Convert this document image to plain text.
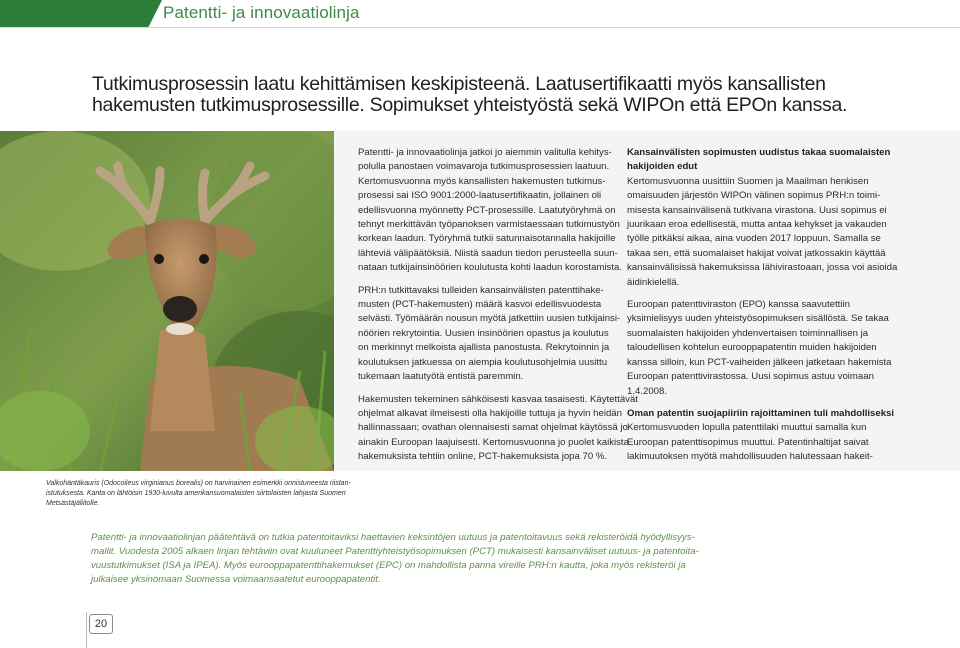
Patentti- ja innovaatiolinja
Tutkimusprosessin laatu kehittämisen keskipisteenä. Laatusertifikaatti myös kansallisten
hakemusten tutkimusprosessille. Sopimukset yhteistyöstä sekä WIPOn että EPOn kanssa.

Patentti- ja innovaatiolinja jatkoi jo aiemmin valitulla kehitys-
polulla panostaen voimavaroja tutkimusprosessien laatuun.
Kertomusvuonna myös kansallisten hakemusten tutkimus-
prosessi sai ISO 9001:2000-laatusertifikaatin, jollainen oli
edellisvuonna myönnetty PCT-prosessille. Laatutyöryhmä on
tehnyt merkittävän työpanoksen varmistaessaan tutkimustyön
korkean laadun. Työryhmä tutkii satunnaisotannalla hakijoille
lähteviä välipäätöksiä. Niistä saadun tiedon perusteella suun-
nataan tutkijainsinöörien koulutusta kohti laadun korostamista.

PRH:n tutkittavaksi tulleiden kansainvälisten patenttihake-
musten (PCT-hakemusten) määrä kasvoi edellisvuodesta
selvästi. Työmäärän nousun myötä jatkettiin uusien tutkijainsi-
nöörien rekrytointia. Uusien insinöörien opastus ja koulutus
on merkinnyt melkoista ajallista panostusta. Rekrytoinnin ja
koulutuksen jatkuessa on aiempia koulutusohjelmia uusittu
tukemaan laatutyötä entistä paremmin.

Hakemusten tekeminen sähköisesti kasvaa tasaisesti. Käytettävät
ohjelmat alkavat ilmeisesti olla hakijoille tuttuja ja hyvin heidän
hallinnassaan; ovathan olennaisesti samat ohjelmat käytössä jo
ainakin Euroopan laajuisesti. Kertomusvuonna jo puolet kaikista
hakemuksista tehtiin online, PCT-hakemuksista jopa 70 %.

Kansainvälisten sopimusten uudistus takaa suomalaisten
hakijoiden edut
Kertomusvuonna uusittiin Suomen ja Maailman henkisen
omaisuuden järjestön WIPOn välinen sopimus PRH:n toimi-
misesta kansainvälisenä tutkivana virastona. Uusi sopimus ei
juurikaan eroa edellisestä, mutta antaa kehykset ja vakauden
työlle pitkäksi aikaa, aina vuoden 2017 loppuun. Samalla se
takaa sen, että suomalaiset hakijat voivat jatkossakin käyttää
kansainvälisissä hakemuksissa lähivirastoaan, jossa voi asioida
äidinkielellä.

Euroopan patenttiviraston (EPO) kanssa saavutettiin
yksimielisyys uuden yhteistyösopimuksen sisällöstä. Se takaa
suomalaisten hakijoiden yhdenvertaisen toiminnallisen ja
taloudellisen kohtelun eurooppapatentin muiden hakijoiden
kanssa silloin, kun PCT-vaiheiden jälkeen jatketaan hakemista
Euroopan patenttivirastossa. Uusi sopimus astuu voimaan
1.4.2008.

Oman patentin suojapiiriin rajoittaminen tuli mahdolliseksi
Kertomusvuoden lopulla patenttilaki muuttui samalla kun
Euroopan patenttisopimus muuttui. Patentinhaltijat saivat
lakimuutoksen myötä mahdollisuuden halutessaan hakeit-

Valkohäntäkauris (Odocoileus virginianus borealis) on harvinainen esimerkki onnistuneesta riistan-
istutuksesta. Kanta on lähtöisin 1930-luvulta amerikansuomalaisten siirtolaisten lahjasta Suomen
Metsästäjäliitolle.
Patentti- ja innovaatiolinjan päätehtävä on tutkia patentoitaviksi haettavien keksintöjen uutuus ja patentoitavuus sekä rekisteröidä hyödyllisyys-
mallit. Vuodesta 2005 alkaen linjan tehtäviin ovat kuuluneet Patenttiyhteistyösopimuksen (PCT) mukaisesti kansainväliset uutuus- ja patentoita-
vuustutkimukset (ISA ja IPEA). Myös eurooppapatenttihakemukset (EPC) on mahdollista panna vireille PRH:n kautta, joka myös rekisteröi ja
julkaisee yksinomaan Suomessa voimaansaatetut eurooppapatentit.
20
